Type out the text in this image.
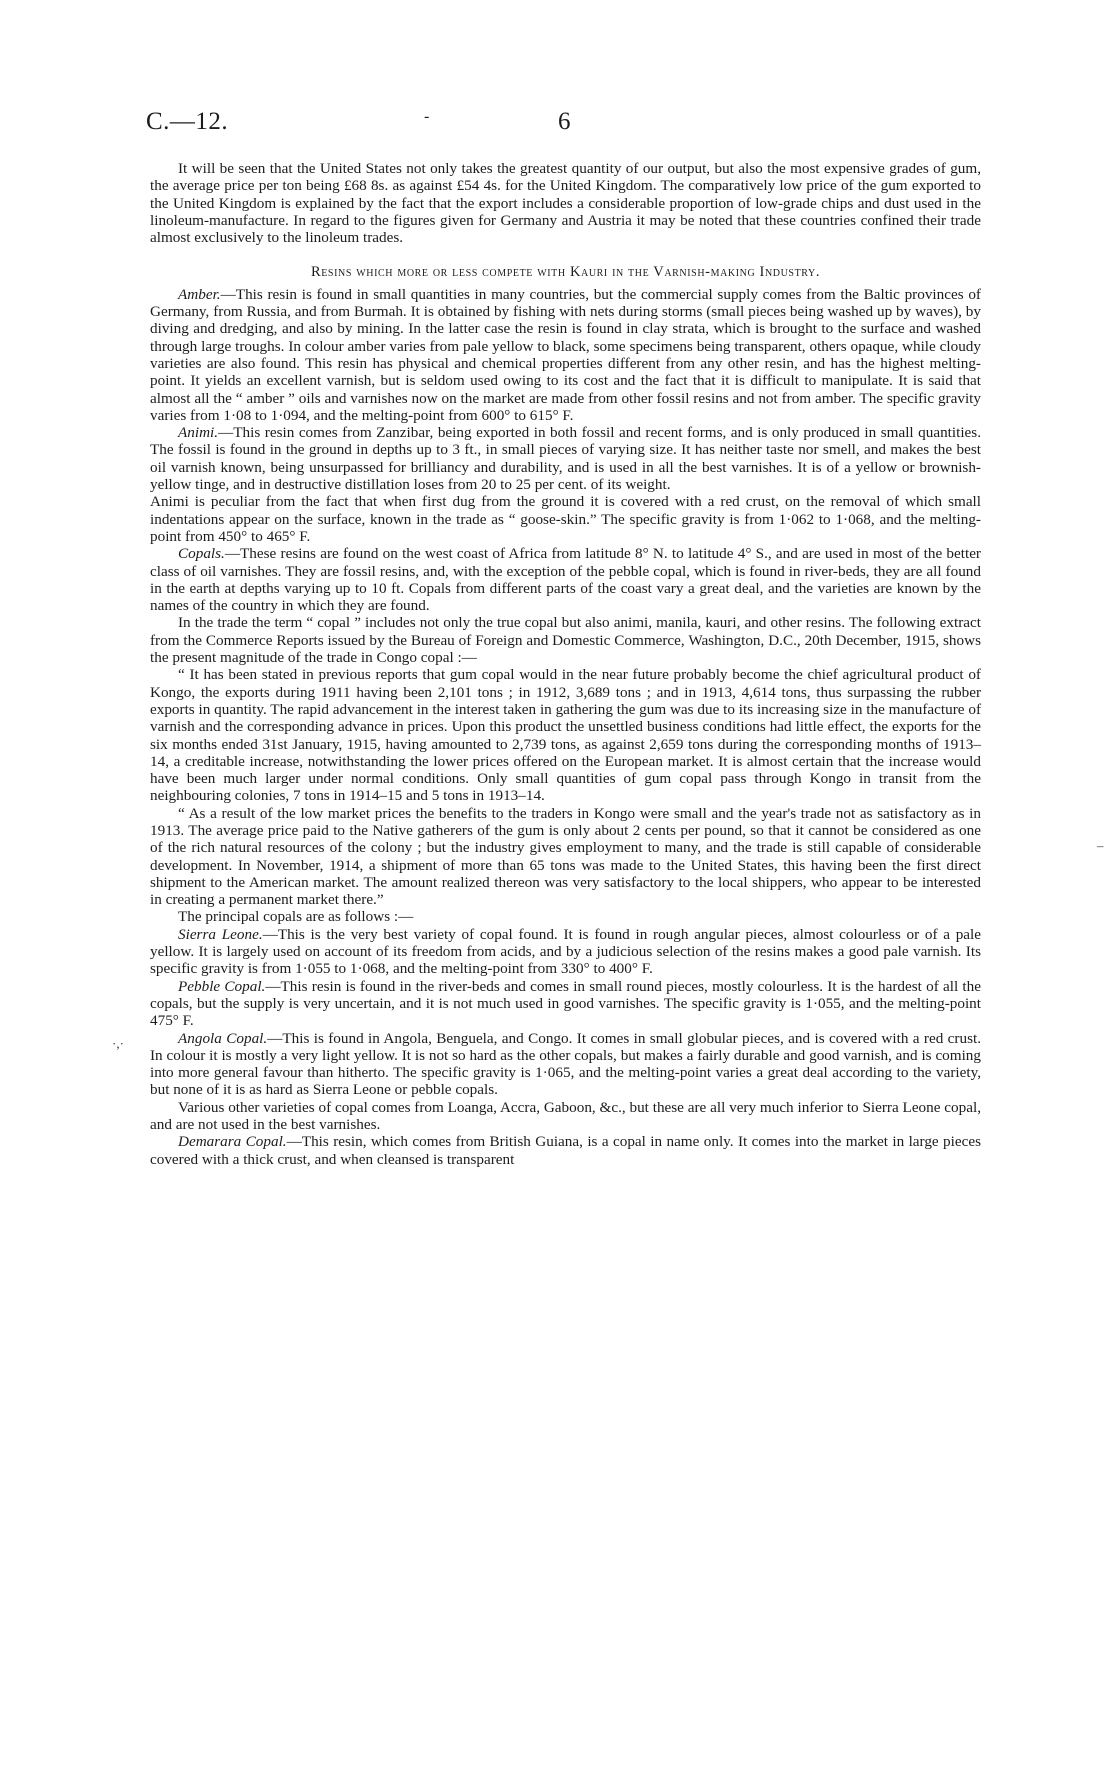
C.—12.	-	6

It will be seen that the United States not only takes the greatest quantity of our output, but also the most expensive grades of gum, the average price per ton being £68 8s. as against £54 4s. for the United Kingdom. The comparatively low price of the gum exported to the United Kingdom is explained by the fact that the export includes a considerable proportion of low-grade chips and dust used in the linoleum-manufacture. In regard to the figures given for Germany and Austria it may be noted that these countries confined their trade almost exclusively to the linoleum trades.

Resins which more or less compete with Kauri in the Varnish-making Industry.

Amber.—This resin is found in small quantities in many countries, but the commercial supply comes from the Baltic provinces of Germany, from Russia, and from Burmah. It is obtained by fishing with nets during storms (small pieces being washed up by waves), by diving and dredging, and also by mining. In the latter case the resin is found in clay strata, which is brought to the surface and washed through large troughs. In colour amber varies from pale yellow to black, some specimens being transparent, others opaque, while cloudy varieties are also found. This resin has physical and chemical properties different from any other resin, and has the highest melting-point. It yields an excellent varnish, but is seldom used owing to its cost and the fact that it is difficult to manipulate. It is said that almost all the “ amber ” oils and varnishes now on the market are made from other fossil resins and not from amber. The specific gravity varies from 1·08 to 1·094, and the melting-point from 600° to 615° F.

Animi.—This resin comes from Zanzibar, being exported in both fossil and recent forms, and is only produced in small quantities. The fossil is found in the ground in depths up to 3 ft., in small pieces of varying size. It has neither taste nor smell, and makes the best oil varnish known, being unsurpassed for brilliancy and durability, and is used in all the best varnishes. It is of a yellow or brownish-yellow tinge, and in destructive distillation loses from 20 to 25 per cent. of its weight.

Animi is peculiar from the fact that when first dug from the ground it is covered with a red crust, on the removal of which small indentations appear on the surface, known in the trade as “ goose-skin.” The specific gravity is from 1·062 to 1·068, and the melting-point from 450° to 465° F.

Copals.—These resins are found on the west coast of Africa from latitude 8° N. to latitude 4° S., and are used in most of the better class of oil varnishes. They are fossil resins, and, with the exception of the pebble copal, which is found in river-beds, they are all found in the earth at depths varying up to 10 ft. Copals from different parts of the coast vary a great deal, and the varieties are known by the names of the country in which they are found.

In the trade the term “ copal ” includes not only the true copal but also animi, manila, kauri, and other resins. The following extract from the Commerce Reports issued by the Bureau of Foreign and Domestic Commerce, Washington, D.C., 20th December, 1915, shows the present magnitude of the trade in Congo copal :—

“ It has been stated in previous reports that gum copal would in the near future probably become the chief agricultural product of Kongo, the exports during 1911 having been 2,101 tons ; in 1912, 3,689 tons ; and in 1913, 4,614 tons, thus surpassing the rubber exports in quantity. The rapid advancement in the interest taken in gathering the gum was due to its increasing size in the manufacture of varnish and the corresponding advance in prices. Upon this product the unsettled business conditions had little effect, the exports for the six months ended 31st January, 1915, having amounted to 2,739 tons, as against 2,659 tons during the corresponding months of 1913–14, a creditable increase, notwithstanding the lower prices offered on the European market. It is almost certain that the increase would have been much larger under normal conditions. Only small quantities of gum copal pass through Kongo in transit from the neighbouring colonies, 7 tons in 1914–15 and 5 tons in 1913–14.

“ As a result of the low market prices the benefits to the traders in Kongo were small and the year's trade not as satisfactory as in 1913. The average price paid to the Native gatherers of the gum is only about 2 cents per pound, so that it cannot be considered as one of the rich natural resources of the colony ; but the industry gives employment to many, and the trade is still capable of considerable development. In November, 1914, a shipment of more than 65 tons was made to the United States, this having been the first direct shipment to the American market. The amount realized thereon was very satisfactory to the local shippers, who appear to be interested in creating a permanent market there.”

The principal copals are as follows :—

Sierra Leone.—This is the very best variety of copal found. It is found in rough angular pieces, almost colourless or of a pale yellow. It is largely used on account of its freedom from acids, and by a judicious selection of the resins makes a good pale varnish. Its specific gravity is from 1·055 to 1·068, and the melting-point from 330° to 400° F.

Pebble Copal.—This resin is found in the river-beds and comes in small round pieces, mostly colourless. It is the hardest of all the copals, but the supply is very uncertain, and it is not much used in good varnishes. The specific gravity is 1·055, and the melting-point 475° F.

Angola Copal.—This is found in Angola, Benguela, and Congo. It comes in small globular pieces, and is covered with a red crust. In colour it is mostly a very light yellow. It is not so hard as the other copals, but makes a fairly durable and good varnish, and is coming into more general favour than hitherto. The specific gravity is 1·065, and the melting-point varies a great deal according to the variety, but none of it is as hard as Sierra Leone or pebble copals.

Various other varieties of copal comes from Loanga, Accra, Gaboon, &c., but these are all very much inferior to Sierra Leone copal, and are not used in the best varnishes.

Demarara Copal.—This resin, which comes from British Guiana, is a copal in name only. It comes into the market in large pieces covered with a thick crust, and when cleansed is transparent

·,·
–
